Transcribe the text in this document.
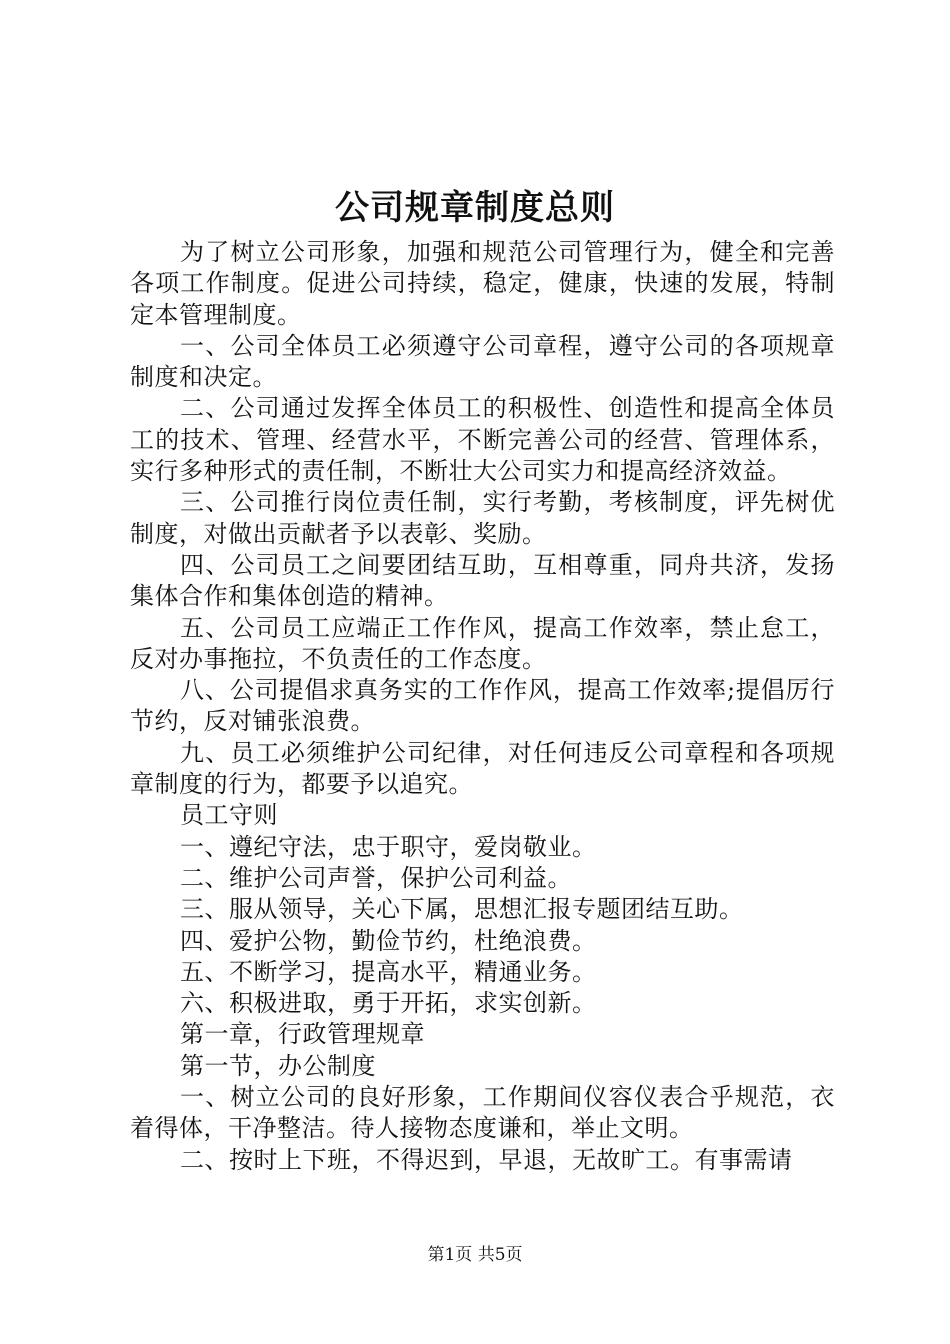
公司规章制度总则

为了树立公司形象，加强和规范公司管理行为，健全和完善各项工作制度。促进公司持续，稳定，健康，快速的发展，特制定本管理制度。

一、公司全体员工必须遵守公司章程，遵守公司的各项规章制度和决定。

二、公司通过发挥全体员工的积极性、创造性和提高全体员工的技术、管理、经营水平，不断完善公司的经营、管理体系，实行多种形式的责任制，不断壮大公司实力和提高经济效益。

三、公司推行岗位责任制，实行考勤，考核制度，评先树优制度，对做出贡献者予以表彰、奖励。

四、公司员工之间要团结互助，互相尊重，同舟共济，发扬集体合作和集体创造的精神。

五、公司员工应端正工作作风，提高工作效率，禁止怠工，反对办事拖拉，不负责任的工作态度。

八、公司提倡求真务实的工作作风，提高工作效率;提倡厉行节约，反对铺张浪费。

九、员工必须维护公司纪律，对任何违反公司章程和各项规章制度的行为，都要予以追究。

员工守则

一、遵纪守法，忠于职守，爱岗敬业。

二、维护公司声誉，保护公司利益。

三、服从领导，关心下属，思想汇报专题团结互助。

四、爱护公物，勤俭节约，杜绝浪费。

五、不断学习，提高水平，精通业务。

六、积极进取，勇于开拓，求实创新。

第一章，行政管理规章

第一节，办公制度

一、树立公司的良好形象，工作期间仪容仪表合乎规范，衣着得体，干净整洁。待人接物态度谦和，举止文明。

二、按时上下班，不得迟到，早退，无故旷工。有事需请

第1页 共5页
